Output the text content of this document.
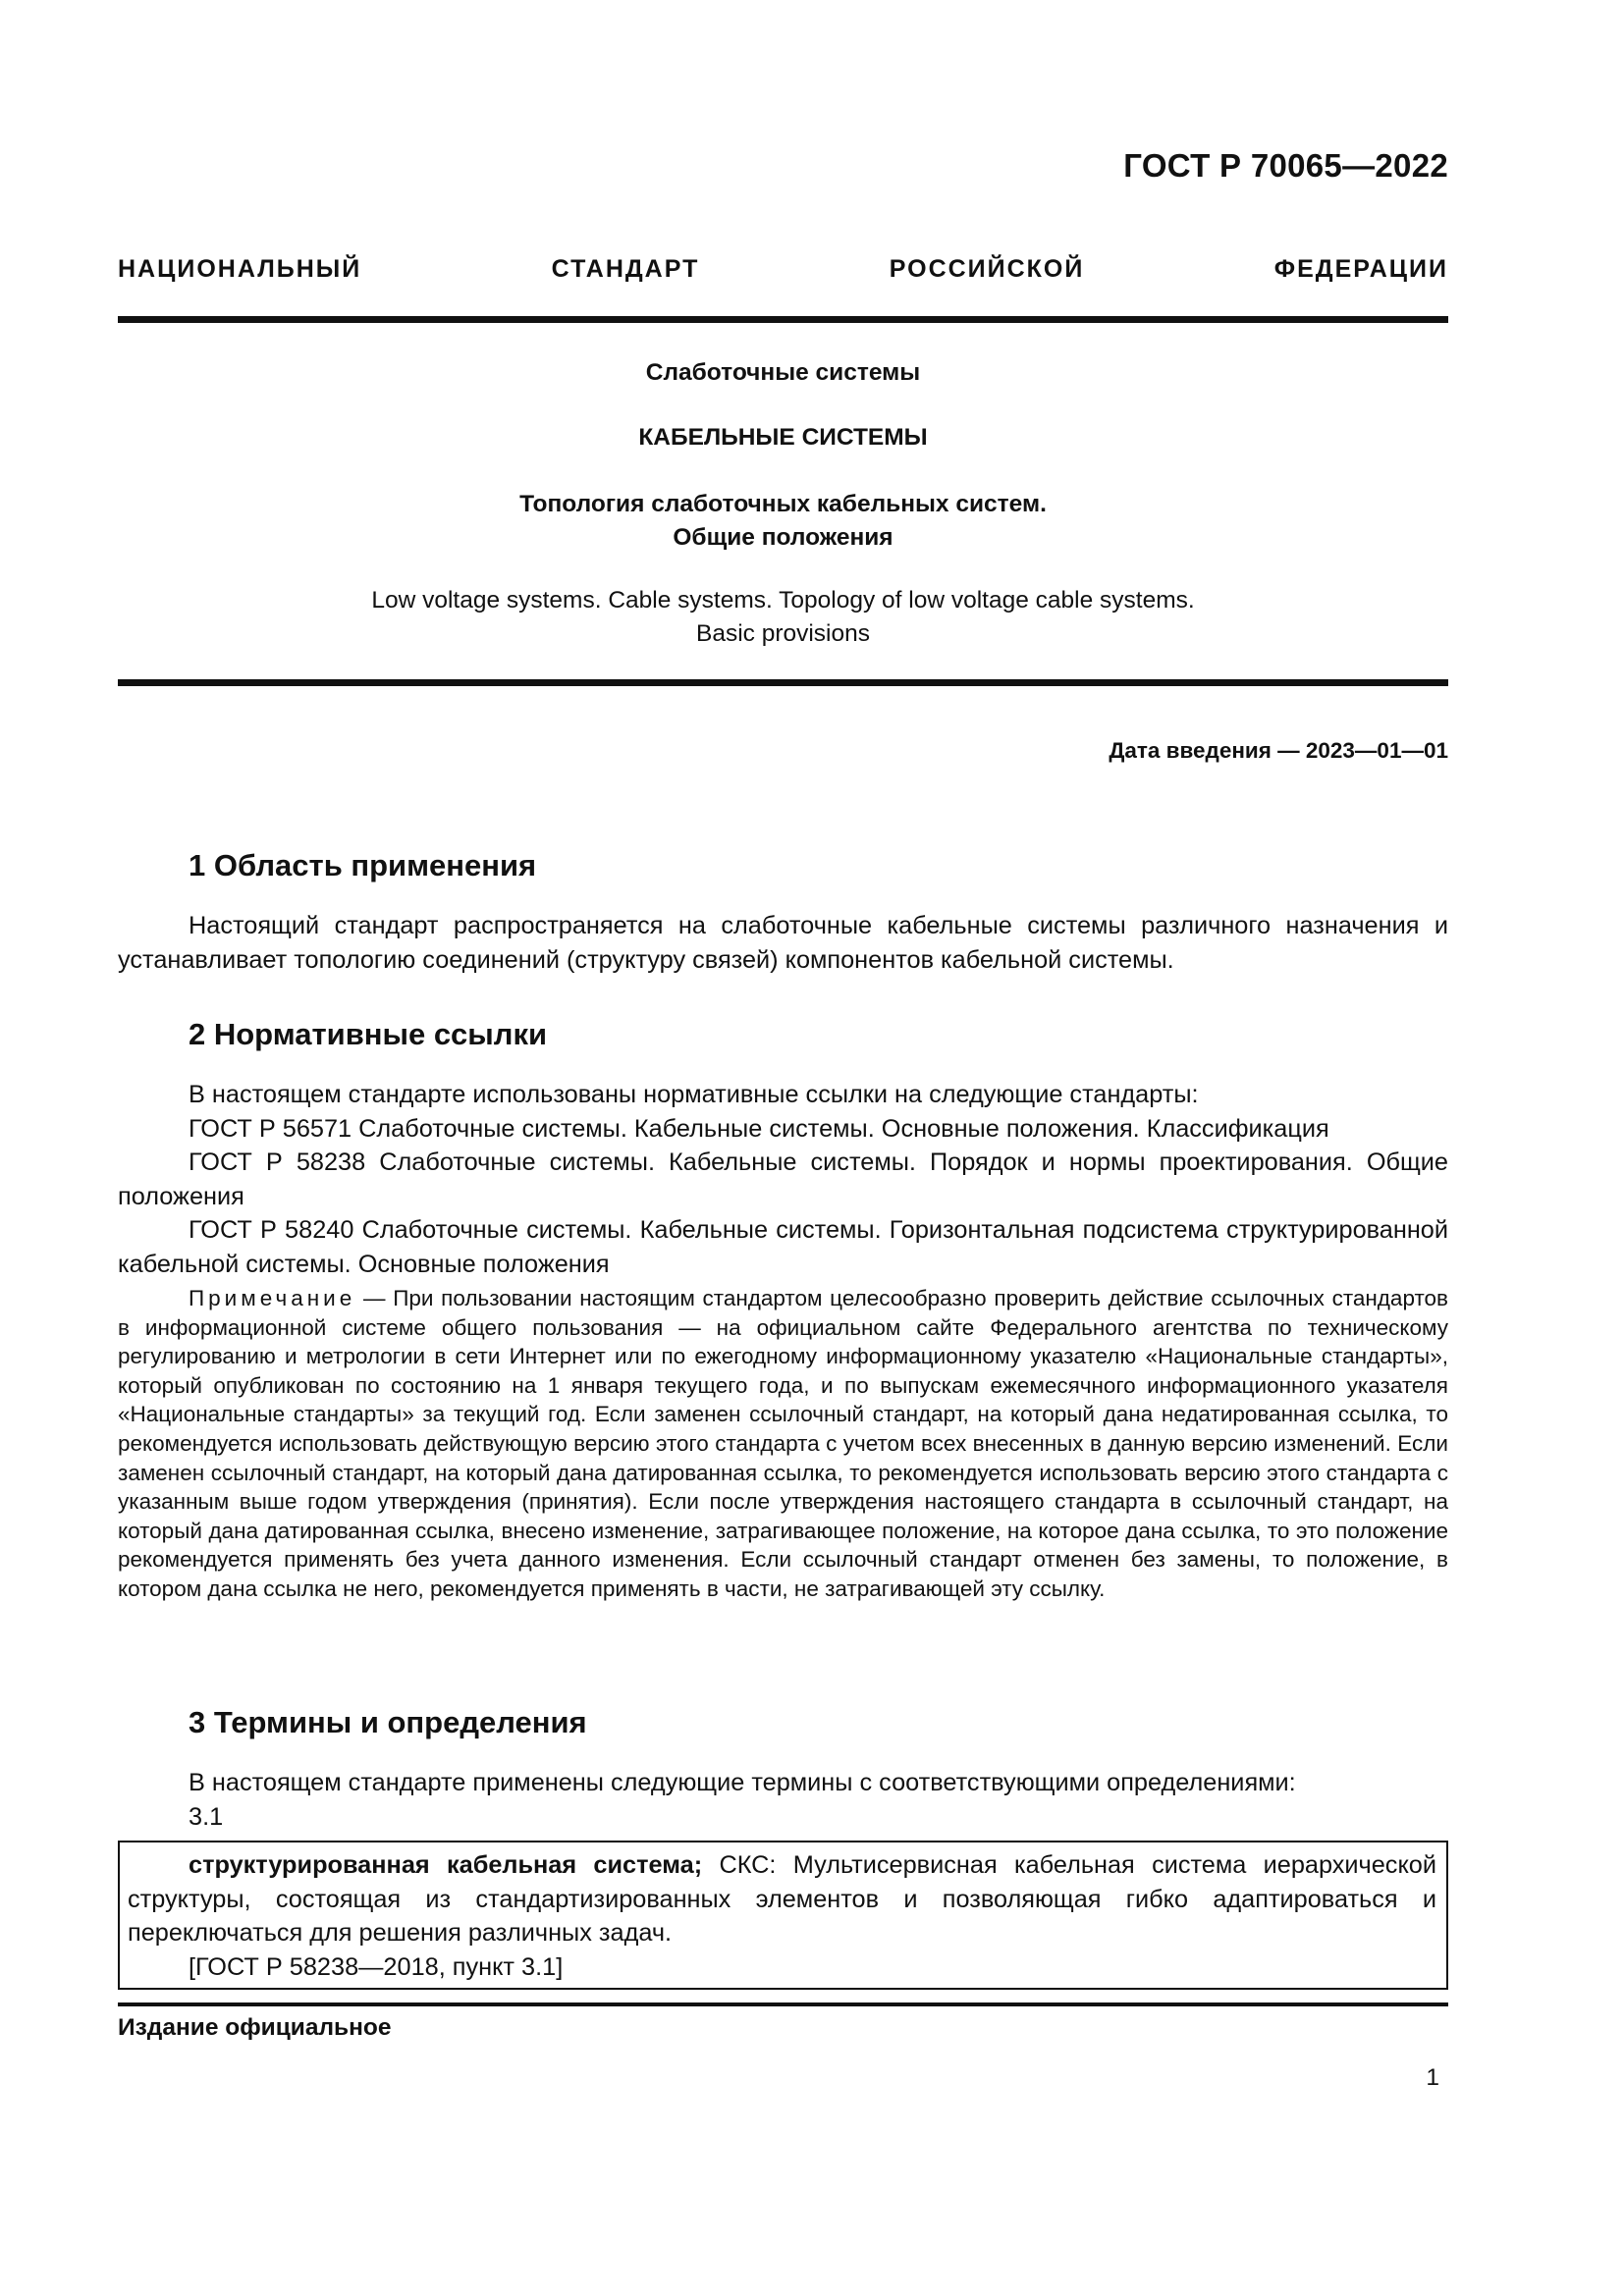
ГОСТ Р 70065—2022
НАЦИОНАЛЬНЫЙ СТАНДАРТ РОССИЙСКОЙ ФЕДЕРАЦИИ
Слаботочные системы
КАБЕЛЬНЫЕ СИСТЕМЫ
Топология слаботочных кабельных систем.
Общие положения
Low voltage systems. Cable systems. Topology of low voltage cable systems.
Basic provisions
Дата введения — 2023—01—01
1 Область применения

Настоящий стандарт распространяется на слаботочные кабельные системы различного назначения и устанавливает топологию соединений (структуру связей) компонентов кабельной системы.

2 Нормативные ссылки

В настоящем стандарте использованы нормативные ссылки на следующие стандарты:

ГОСТ Р 56571 Слаботочные системы. Кабельные системы. Основные положения. Классификация

ГОСТ Р 58238 Слаботочные системы. Кабельные системы. Порядок и нормы проектирования. Общие положения

ГОСТ Р 58240 Слаботочные системы. Кабельные системы. Горизонтальная подсистема структурированной кабельной системы. Основные положения

Примечание — При пользовании настоящим стандартом целесообразно проверить действие ссылочных стандартов в информационной системе общего пользования — на официальном сайте Федерального агентства по техническому регулированию и метрологии в сети Интернет или по ежегодному информационному указателю «Национальные стандарты», который опубликован по состоянию на 1 января текущего года, и по выпускам ежемесячного информационного указателя «Национальные стандарты» за текущий год. Если заменен ссылочный стандарт, на который дана недатированная ссылка, то рекомендуется использовать действующую версию этого стандарта с учетом всех внесенных в данную версию изменений. Если заменен ссылочный стандарт, на который дана датированная ссылка, то рекомендуется использовать версию этого стандарта с указанным выше годом утверждения (принятия). Если после утверждения настоящего стандарта в ссылочный стандарт, на который дана датированная ссылка, внесено изменение, затрагивающее положение, на которое дана ссылка, то это положение рекомендуется применять без учета данного изменения. Если ссылочный стандарт отменен без замены, то положение, в котором дана ссылка не него, рекомендуется применять в части, не затрагивающей эту ссылку.

3 Термины и определения

В настоящем стандарте применены следующие термины с соответствующими определениями:

3.1

структурированная кабельная система; СКС: Мультисервисная кабельная система иерархической структуры, состоящая из стандартизированных элементов и позволяющая гибко адаптироваться и переключаться для решения различных задач.

[ГОСТ Р 58238—2018, пункт 3.1]

Издание официальное
1
